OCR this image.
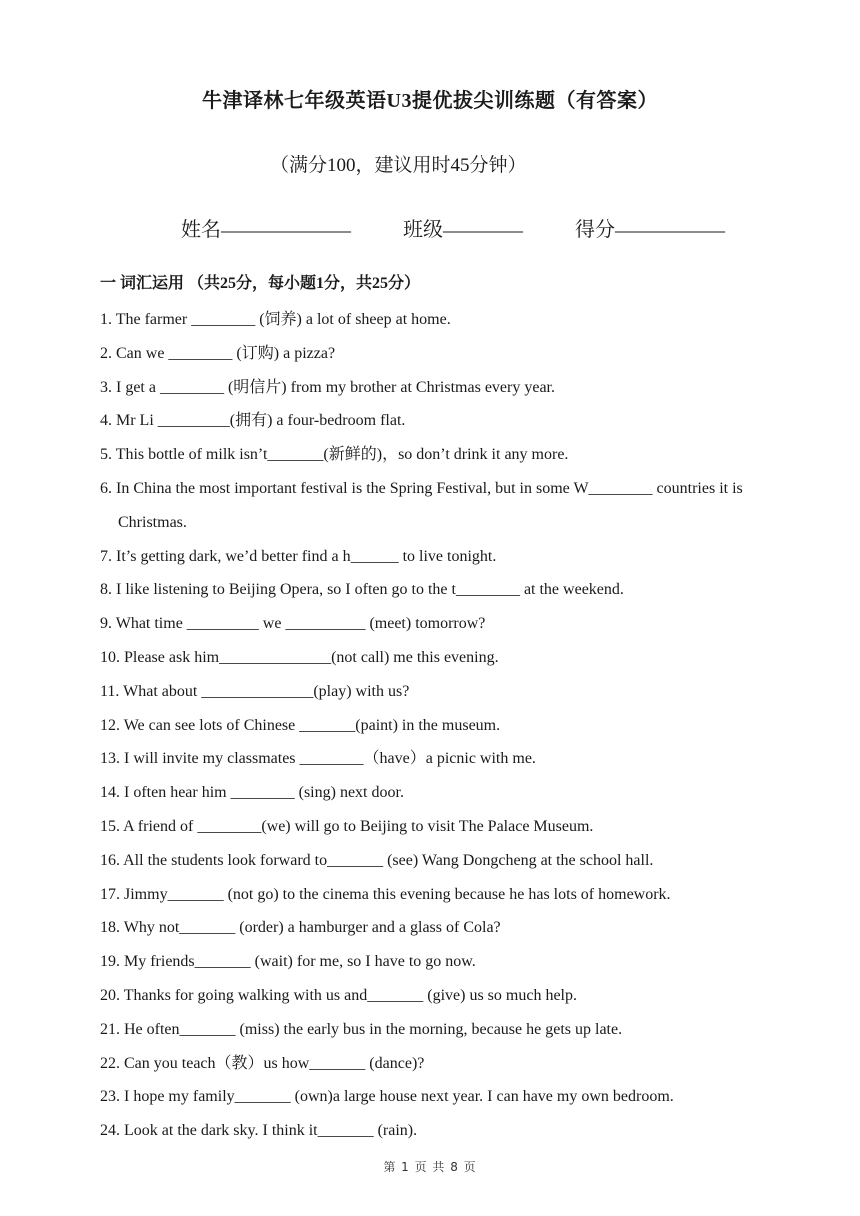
牛津译林七年级英语U3提优拔尖训练题（有答案）
（满分100，建议用时45分钟）
姓名 _____________	班级 ________	得分 ___________
一 词汇运用 （共25分，每小题1分，共25分）

1. The farmer ________ (饲养) a lot of sheep at home.

2. Can we ________ (订购) a pizza?

3. I get a ________ (明信片) from my brother at Christmas every year.

4. Mr Li _________(拥有) a four-bedroom flat.

5. This bottle of milk isn’t_______(新鲜的)，so don’t drink it any more.

6. In China the most important festival is the Spring Festival, but in some W________ countries it is Christmas.

7. It’s getting dark, we’d better find a h______ to live tonight.

8. I like listening to Beijing Opera, so I often go to the t________ at the weekend.

9. What time _________ we __________ (meet) tomorrow?

10. Please ask him______________(not call) me this evening.

11. What about ______________(play) with us?

12. We can see lots of Chinese _______(paint) in the museum.

13. I will invite my classmates ________（have）a picnic with me.

14. I often hear him ________ (sing) next door.

15. A friend of ________(we) will go to Beijing to visit The Palace Museum.

16. All the students look forward to_______ (see) Wang Dongcheng at the school hall.

17. Jimmy_______ (not go) to the cinema this evening because he has lots of homework.

18. Why not_______ (order) a hamburger and a glass of Cola?

19. My friends_______ (wait) for me, so I have to go now.

20. Thanks for going walking with us and_______ (give) us so much help.

21. He often_______ (miss) the early bus in the morning, because he gets up late.

22. Can you teach（教）us how_______ (dance)?

23. I hope my family_______ (own)a large house next year. I can have my own bedroom.

24. Look at the dark sky. I think it_______ (rain).

第 1 页 共 8 页
